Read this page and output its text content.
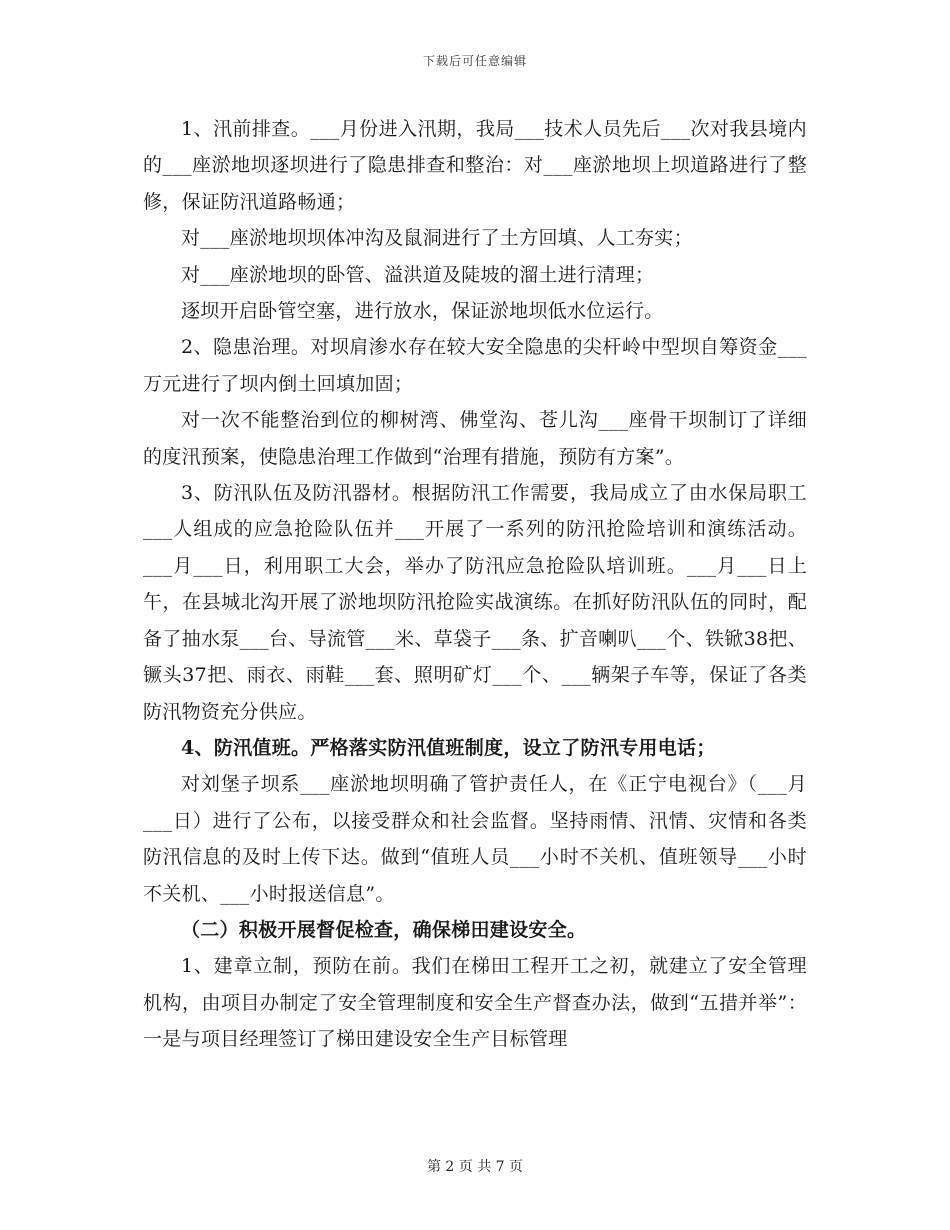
下载后可任意编辑

1、汛前排查。___月份进入汛期，我局___技术人员先后___次对我县境内的___座淤地坝逐坝进行了隐患排查和整治：对___座淤地坝上坝道路进行了整修，保证防汛道路畅通；

对___座淤地坝坝体冲沟及鼠洞进行了土方回填、人工夯实；

对___座淤地坝的卧管、溢洪道及陡坡的溜土进行清理；

逐坝开启卧管空塞，进行放水，保证淤地坝低水位运行。

2、隐患治理。对坝肩渗水存在较大安全隐患的尖杆岭中型坝自筹资金___万元进行了坝内倒土回填加固；

对一次不能整治到位的柳树湾、佛堂沟、苍儿沟___座骨干坝制订了详细的度汛预案，使隐患治理工作做到“治理有措施，预防有方案”。

3、防汛队伍及防汛器材。根据防汛工作需要，我局成立了由水保局职工___人组成的应急抢险队伍并___开展了一系列的防汛抢险培训和演练活动。___月___日，利用职工大会，举办了防汛应急抢险队培训班。___月___日上午，在县城北沟开展了淤地坝防汛抢险实战演练。在抓好防汛队伍的同时，配备了抽水泵___台、导流管___米、草袋子___条、扩音喇叭___个、铁锨38把、镢头37把、雨衣、雨鞋___套、照明矿灯___个、___辆架子车等，保证了各类防汛物资充分供应。

4、防汛值班。严格落实防汛值班制度，设立了防汛专用电话；

对刘堡子坝系___座淤地坝明确了管护责任人，在《正宁电视台》（___月___日）进行了公布，以接受群众和社会监督。坚持雨情、汛情、灾情和各类防汛信息的及时上传下达。做到“值班人员___小时不关机、值班领导___小时不关机、___小时报送信息”。

（二）积极开展督促检查，确保梯田建设安全。

1、建章立制，预防在前。我们在梯田工程开工之初，就建立了安全管理机构，由项目办制定了安全管理制度和安全生产督查办法，做到“五措并举”：一是与项目经理签订了梯田建设安全生产目标管理

第 2 页 共 7 页
